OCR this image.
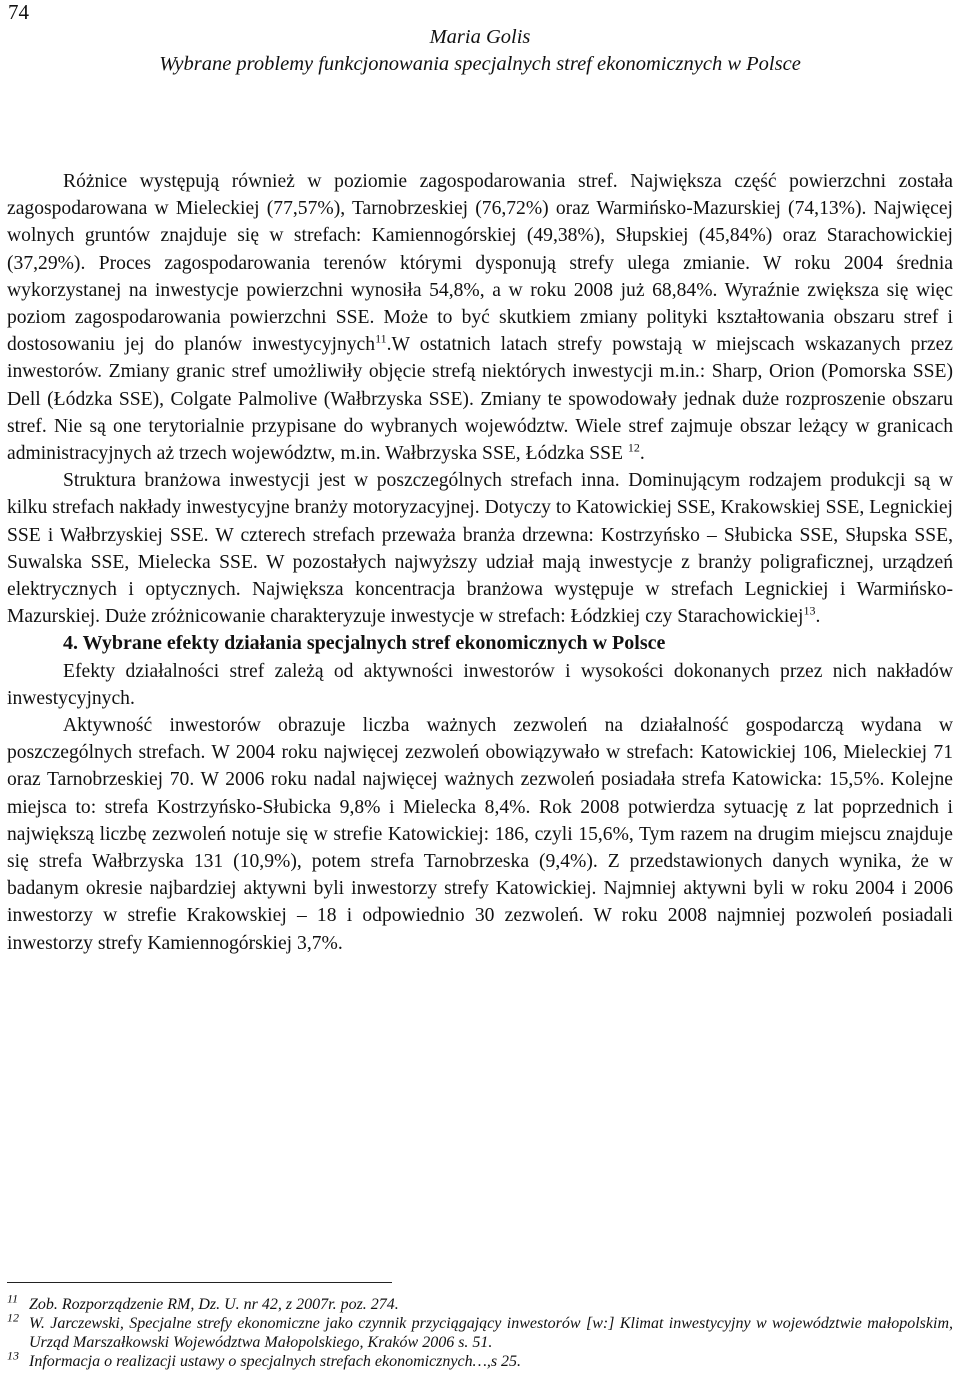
74
Maria Golis
Wybrane problemy funkcjonowania specjalnych stref ekonomicznych w Polsce

Różnice występują również w poziomie zagospodarowania stref. Największa część powierzchni została zagospodarowana w Mieleckiej (77,57%), Tarnobrzeskiej (76,72%) oraz Warmińsko-Mazurskiej (74,13%). Najwięcej wolnych gruntów znajduje się w strefach: Kamiennogórskiej (49,38%), Słupskiej (45,84%) oraz Starachowickiej (37,29%). Proces zagospodarowania terenów którymi dysponują strefy ulega zmianie. W roku 2004 średnia wykorzystanej na inwestycje powierzchni wynosiła 54,8%, a w roku 2008 już 68,84%. Wyraźnie zwiększa się więc poziom zagospodarowania powierzchni SSE. Może to być skutkiem zmiany polityki kształtowania obszaru stref i dostosowaniu jej do planów inwestycyjnych$^{11}$.W ostatnich latach strefy powstają w miejscach wskazanych przez inwestorów. Zmiany granic stref umożliwiły objęcie strefą niektórych inwestycji m.in.: Sharp, Orion (Pomorska SSE) Dell (Łódzka SSE), Colgate Palmolive (Wałbrzyska SSE). Zmiany te spowodowały jednak duże rozproszenie obszaru stref. Nie są one terytorialnie przypisane do wybranych województw. Wiele stref zajmuje obszar leżący w granicach administracyjnych aż trzech województw, m.in. Wałbrzyska SSE, Łódzka SSE $^{12}$.

Struktura branżowa inwestycji jest w poszczególnych strefach inna. Dominującym rodzajem produkcji są w kilku strefach nakłady inwestycyjne branży motoryzacyjnej. Dotyczy to Katowickiej SSE, Krakowskiej SSE, Legnickiej SSE i Wałbrzyskiej SSE. W czterech strefach przeważa branża drzewna: Kostrzyńsko – Słubicka SSE, Słupska SSE, Suwalska SSE, Mielecka SSE. W pozostałych najwyższy udział mają inwestycje z branży poligraficznej, urządzeń elektrycznych i optycznych. Największa koncentracja branżowa występuje w strefach Legnickiej i Warmińsko-Mazurskiej. Duże zróżnicowanie charakteryzuje inwestycje w strefach: Łódzkiej czy Starachowickiej$^{13}$.

4. Wybrane efekty działania specjalnych stref ekonomicznych w Polsce

Efekty działalności stref zależą od aktywności inwestorów i wysokości dokonanych przez nich nakładów inwestycyjnych.

Aktywność inwestorów obrazuje liczba ważnych zezwoleń na działalność gospodarczą wydana w poszczególnych strefach. W 2004 roku najwięcej zezwoleń obowiązywało w strefach: Katowickiej 106, Mieleckiej 71 oraz Tarnobrzeskiej 70. W 2006 roku nadal najwięcej ważnych zezwoleń posiadała strefa Katowicka: 15,5%. Kolejne miejsca to: strefa Kostrzyńsko-Słubicka 9,8% i Mielecka 8,4%. Rok 2008 potwierdza sytuację z lat poprzednich i największą liczbę zezwoleń notuje się w strefie Katowickiej: 186, czyli 15,6%, Tym razem na drugim miejscu znajduje się strefa Wałbrzyska 131 (10,9%), potem strefa Tarnobrzeska (9,4%). Z przedstawionych danych wynika, że w badanym okresie najbardziej aktywni byli inwestorzy strefy Katowickiej. Najmniej aktywni byli w roku 2004 i 2006 inwestorzy w strefie Krakowskiej – 18 i odpowiednio 30 zezwoleń. W roku 2008 najmniej pozwoleń posiadali inwestorzy strefy Kamiennogórskiej 3,7%.

$^{11}$ Zob. Rozporządzenie RM, Dz. U. nr 42, z 2007r. poz. 274.
$^{12}$ W. Jarczewski, Specjalne strefy ekonomiczne jako czynnik przyciągający inwestorów [w:] Klimat inwestycyjny w województwie małopolskim, Urząd Marszałkowski Województwa Małopolskiego, Kraków 2006 s. 51.
$^{13}$ Informacja o realizacji ustawy o specjalnych strefach ekonomicznych…,s 25.
